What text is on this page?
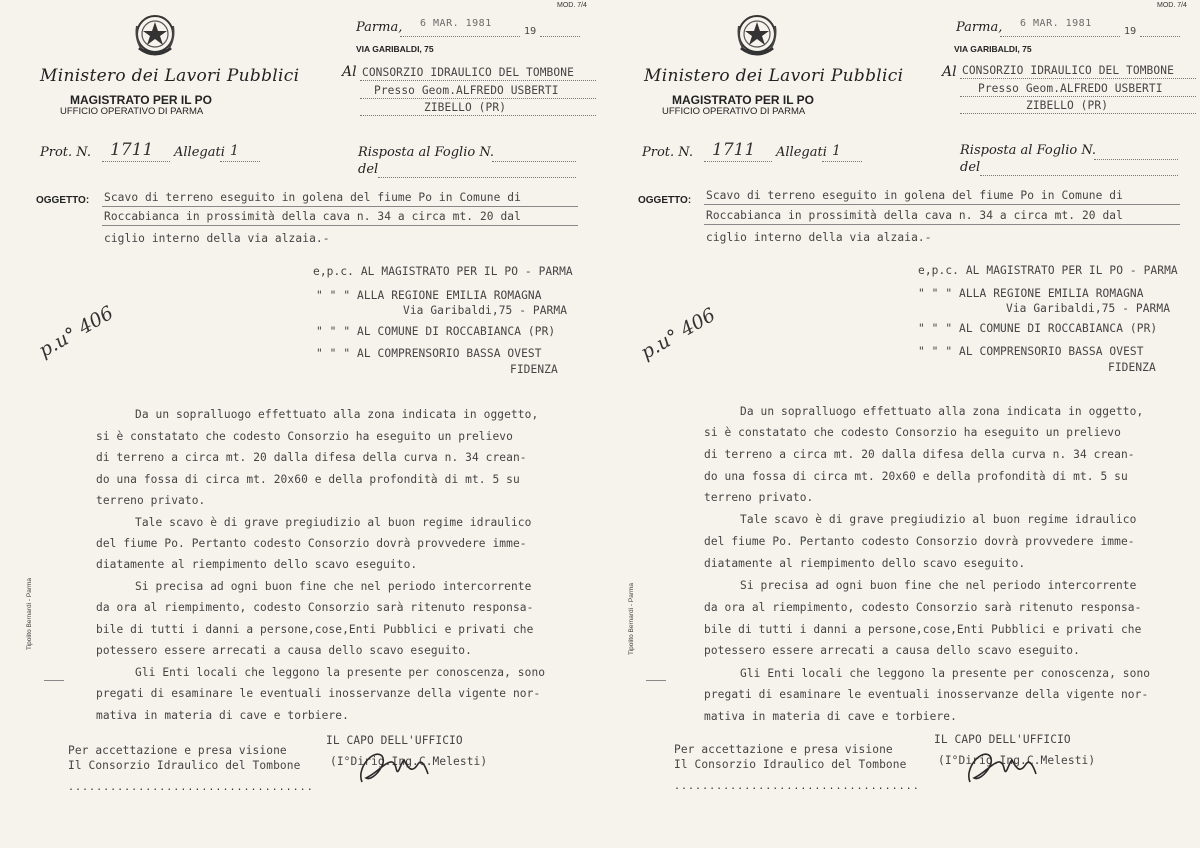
MOD. 7/4
Ministero dei Lavori Pubblici
MAGISTRATO PER IL PO
UFFICIO OPERATIVO DI PARMA
Parma, 6 MAR. 1981
19
VIA GARIBALDI, 75
Al CONSORZIO IDRAULICO DEL TOMBONE
Presso Geom.ALFREDO USBERTI
ZIBELLO (PR)
Prot. N. 1711 Allegati 1	Risposta al Foglio N.
del
OGGETTO: Scavo di terreno eseguito in golena del fiume Po in Comune di
Roccabianca in prossimità della cava n. 34 a circa mt. 20 dal
ciglio interno della via alzaia.-
e,p.c. AL MAGISTRATO PER IL PO - PARMA
" " " ALLA REGIONE EMILIA ROMAGNA
Via Garibaldi,75 - PARMA
" " " AL COMUNE DI ROCCABIANCA (PR)
" " " AL COMPRENSORIO BASSA OVEST
FIDENZA
p.u° 406
Da un sopralluogo effettuato alla zona indicata in oggetto,
si è constatato che codesto Consorzio ha eseguito un prelievo
di terreno a circa mt. 20 dalla difesa della curva n. 34 crean-
do una fossa di circa mt. 20x60 e della profondità di mt. 5 su
terreno privato.
Tale scavo è di grave pregiudizio al buon regime idraulico
del fiume Po. Pertanto codesto Consorzio dovrà provvedere imme-
diatamente al riempimento dello scavo eseguito.
Si precisa ad ogni buon fine che nel periodo intercorrente
da ora al riempimento, codesto Consorzio sarà ritenuto responsa-
bile di tutti i danni a persone,cose,Enti Pubblici e privati che
potessero essere arrecati a causa dello scavo eseguito.
Gli Enti locali che leggono la presente per conoscenza, sono
pregati di esaminare le eventuali inosservanze della vigente nor-
mativa in materia di cave e torbiere.
Tipolito Bernardi - Parma
IL CAPO DELL'UFFICIO
(I°Dirig.Ing.C.Melesti)
Per accettazione e presa visione
Il Consorzio Idraulico del Tombone
...................................
MOD. 7/4
Ministero dei Lavori Pubblici
MAGISTRATO PER IL PO
UFFICIO OPERATIVO DI PARMA
Parma, 6 MAR. 1981
19
VIA GARIBALDI, 75
Al CONSORZIO IDRAULICO DEL TOMBONE
Presso Geom.ALFREDO USBERTI
ZIBELLO (PR)
Prot. N. 1711 Allegati 1	Risposta al Foglio N.
del
OGGETTO: Scavo di terreno eseguito in golena del fiume Po in Comune di
Roccabianca in prossimità della cava n. 34 a circa mt. 20 dal
ciglio interno della via alzaia.-
e,p.c. AL MAGISTRATO PER IL PO - PARMA
" " " ALLA REGIONE EMILIA ROMAGNA
Via Garibaldi,75 - PARMA
" " " AL COMUNE DI ROCCABIANCA (PR)
" " " AL COMPRENSORIO BASSA OVEST
FIDENZA
p.u° 406
Da un sopralluogo effettuato alla zona indicata in oggetto,
si è constatato che codesto Consorzio ha eseguito un prelievo
di terreno a circa mt. 20 dalla difesa della curva n. 34 crean-
do una fossa di circa mt. 20x60 e della profondità di mt. 5 su
terreno privato.
Tale scavo è di grave pregiudizio al buon regime idraulico
del fiume Po. Pertanto codesto Consorzio dovrà provvedere imme-
diatamente al riempimento dello scavo eseguito.
Si precisa ad ogni buon fine che nel periodo intercorrente
da ora al riempimento, codesto Consorzio sarà ritenuto responsa-
bile di tutti i danni a persone,cose,Enti Pubblici e privati che
potessero essere arrecati a causa dello scavo eseguito.
Gli Enti locali che leggono la presente per conoscenza, sono
pregati di esaminare le eventuali inosservanze della vigente nor-
mativa in materia di cave e torbiere.
Tipolito Bernardi - Parma
IL CAPO DELL'UFFICIO
(I°Dirig.Ing.C.Melesti)
Per accettazione e presa visione
Il Consorzio Idraulico del Tombone
...................................
